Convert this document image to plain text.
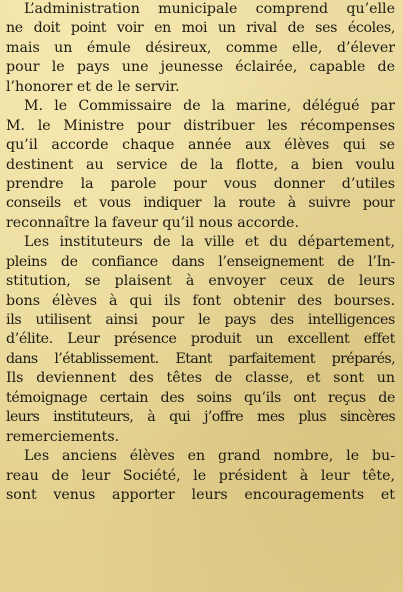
L’administration municipale comprend qu’elle
ne doit point voir en moi un rival de ses écoles,
mais un émule désireux, comme elle, d’élever
pour le pays une jeunesse éclairée, capable de
l’honorer et de le servir.
M. le Commissaire de la marine, délégué par
M. le Ministre pour distribuer les récompenses
qu’il accorde chaque année aux élèves qui se
destinent au service de la flotte, a bien voulu
prendre la parole pour vous donner d’utiles
conseils et vous indiquer la route à suivre pour
reconnaître la faveur qu’il nous accorde.
Les instituteurs de la ville et du département,
pleins de confiance dans l’enseignement de l’In-
stitution, se plaisent à envoyer ceux de leurs
bons élèves à qui ils font obtenir des bourses.
ils utilisent ainsi pour le pays des intelligences
d’élite. Leur présence produit un excellent effet
dans l’établissement. Etant parfaitement préparés,
Ils deviennent des têtes de classe, et sont un
témoignage certain des soins qu’ils ont reçus de
leurs instituteurs, à qui j’offre mes plus sincères
remerciements.
Les anciens élèves en grand nombre, le bu-
reau de leur Société, le président à leur tête,
sont venus apporter leurs encouragements et
